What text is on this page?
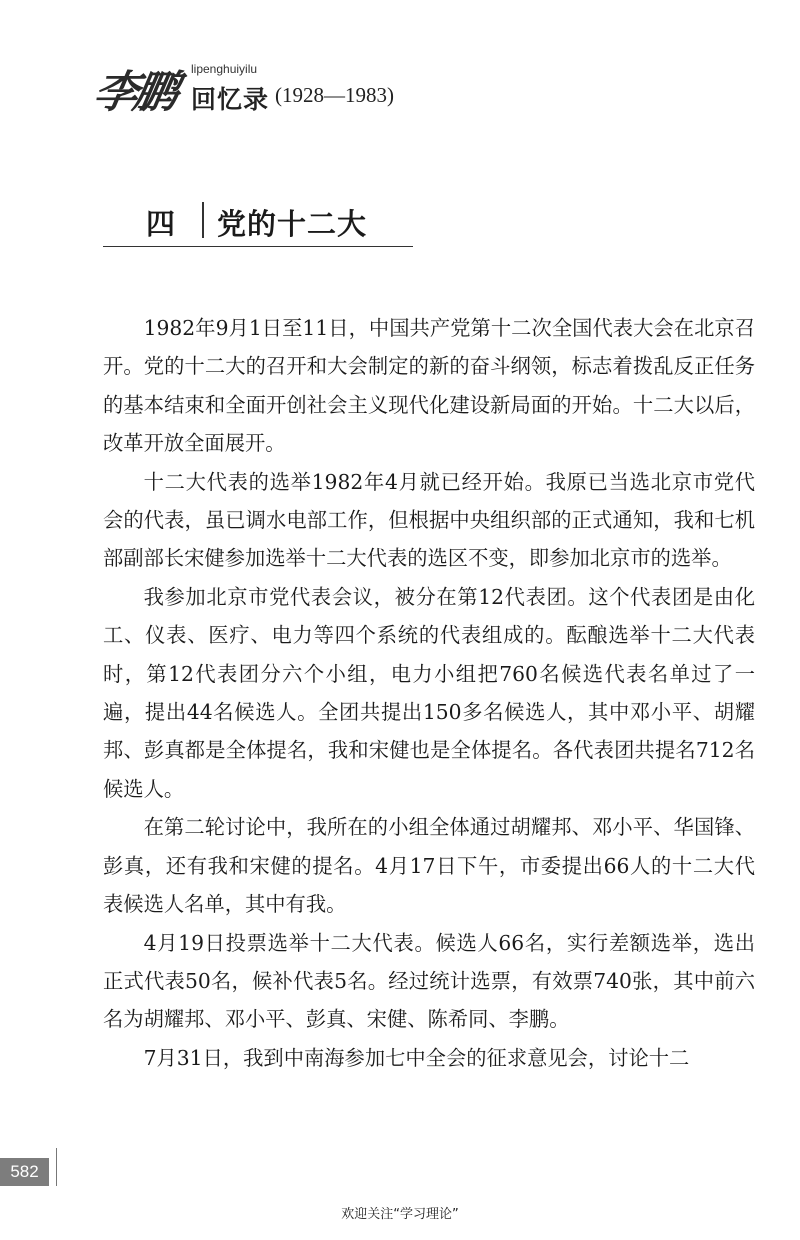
李鹏 lipenghuiyilu
回忆录 (1928—1983)
四 党的十二大

1982年9月1日至11日，中国共产党第十二次全国代表大会在北京召开。党的十二大的召开和大会制定的新的奋斗纲领，标志着拨乱反正任务的基本结束和全面开创社会主义现代化建设新局面的开始。十二大以后，改革开放全面展开。

十二大代表的选举1982年4月就已经开始。我原已当选北京市党代会的代表，虽已调水电部工作，但根据中央组织部的正式通知，我和七机部副部长宋健参加选举十二大代表的选区不变，即参加北京市的选举。

我参加北京市党代表会议，被分在第12代表团。这个代表团是由化工、仪表、医疗、电力等四个系统的代表组成的。酝酿选举十二大代表时，第12代表团分六个小组，电力小组把760名候选代表名单过了一遍，提出44名候选人。全团共提出150多名候选人，其中邓小平、胡耀邦、彭真都是全体提名，我和宋健也是全体提名。各代表团共提名712名候选人。

在第二轮讨论中，我所在的小组全体通过胡耀邦、邓小平、华国锋、彭真，还有我和宋健的提名。4月17日下午，市委提出66人的十二大代表候选人名单，其中有我。

4月19日投票选举十二大代表。候选人66名，实行差额选举，选出正式代表50名，候补代表5名。经过统计选票，有效票740张，其中前六名为胡耀邦、邓小平、彭真、宋健、陈希同、李鹏。

7月31日，我到中南海参加七中全会的征求意见会，讨论十二

582
欢迎关注“学习理论”
